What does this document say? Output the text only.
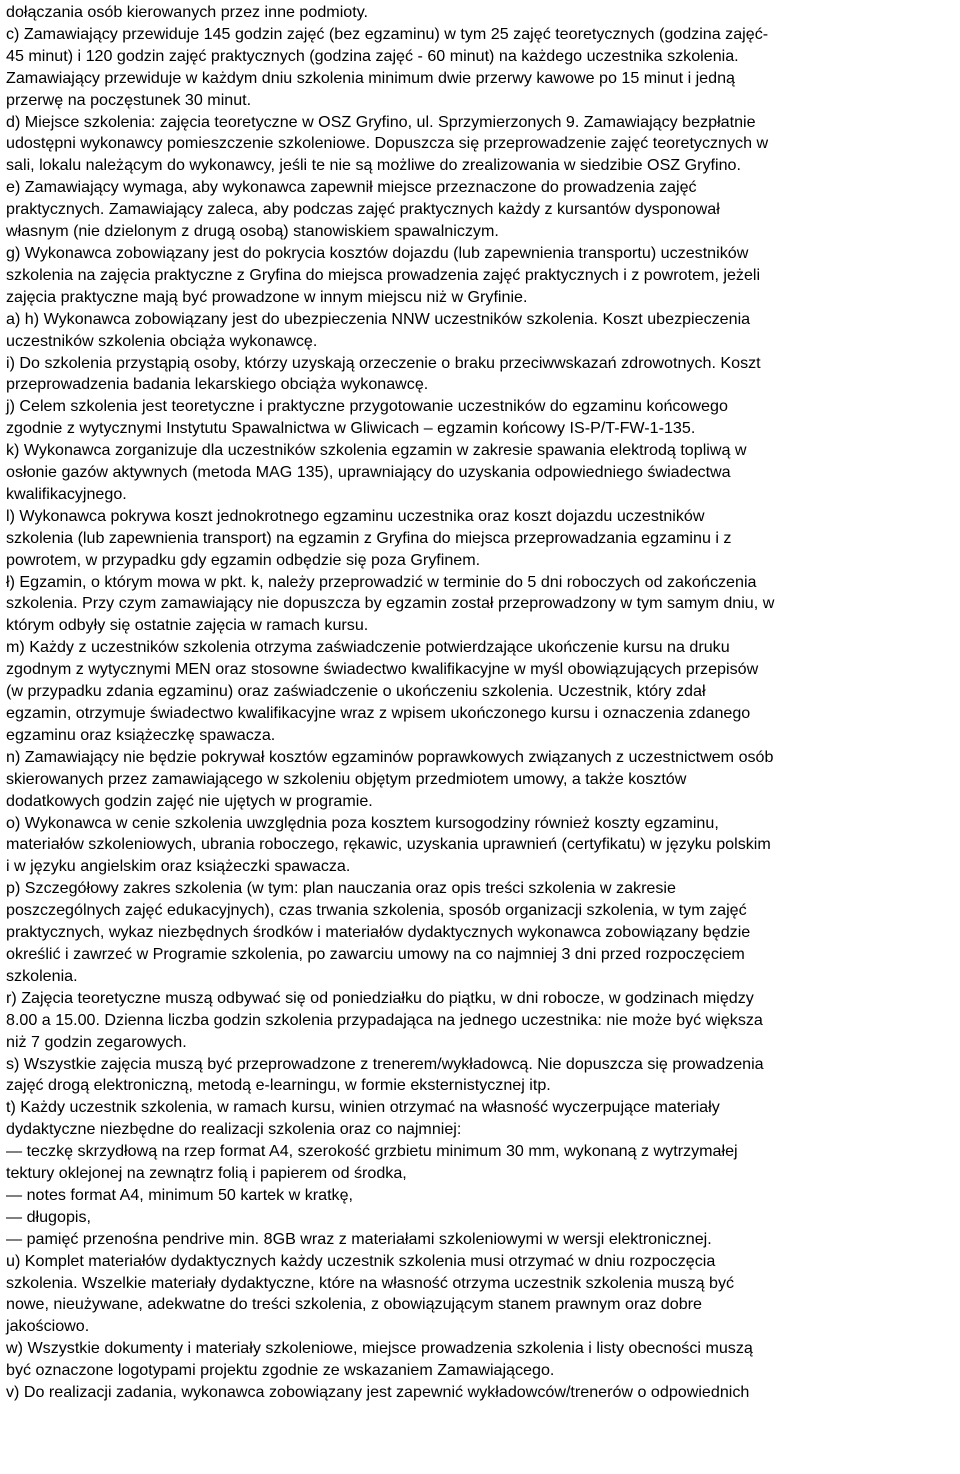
dołączania osób kierowanych przez inne podmioty.

c) Zamawiający przewiduje 145 godzin zajęć (bez egzaminu) w tym 25 zajęć teoretycznych (godzina zajęć-
45 minut) i 120 godzin zajęć praktycznych (godzina zajęć - 60 minut) na każdego uczestnika szkolenia.
Zamawiający przewiduje w każdym dniu szkolenia minimum dwie przerwy kawowe po 15 minut i jedną
przerwę na poczęstunek 30 minut.

d) Miejsce szkolenia: zajęcia teoretyczne w OSZ Gryfino, ul. Sprzymierzonych 9. Zamawiający bezpłatnie
udostępni wykonawcy pomieszczenie szkoleniowe. Dopuszcza się przeprowadzenie zajęć teoretycznych w
sali, lokalu należącym do wykonawcy, jeśli te nie są możliwe do zrealizowania w siedzibie OSZ Gryfino.

e) Zamawiający wymaga, aby wykonawca zapewnił miejsce przeznaczone do prowadzenia zajęć
praktycznych. Zamawiający zaleca, aby podczas zajęć praktycznych każdy z kursantów dysponował
własnym (nie dzielonym z drugą osobą) stanowiskiem spawalniczym.

g) Wykonawca zobowiązany jest do pokrycia kosztów dojazdu (lub zapewnienia transportu) uczestników
szkolenia na zajęcia praktyczne z Gryfina do miejsca prowadzenia zajęć praktycznych i z powrotem, jeżeli
zajęcia praktyczne mają być prowadzone w innym miejscu niż w Gryfinie.

a) h) Wykonawca zobowiązany jest do ubezpieczenia NNW uczestników szkolenia. Koszt ubezpieczenia
uczestników szkolenia obciąża wykonawcę.

i) Do szkolenia przystąpią osoby, którzy uzyskają orzeczenie o braku przeciwwskazań zdrowotnych. Koszt
przeprowadzenia badania lekarskiego obciąża wykonawcę.

j) Celem szkolenia jest teoretyczne i praktyczne przygotowanie uczestników do egzaminu końcowego
zgodnie z wytycznymi Instytutu Spawalnictwa w Gliwicach – egzamin końcowy IS-P/T-FW-1-135.

k) Wykonawca zorganizuje dla uczestników szkolenia egzamin w zakresie spawania elektrodą topliwą w
osłonie gazów aktywnych (metoda MAG 135), uprawniający do uzyskania odpowiedniego świadectwa
kwalifikacyjnego.

l) Wykonawca pokrywa koszt jednokrotnego egzaminu uczestnika oraz koszt dojazdu uczestników
szkolenia (lub zapewnienia transport) na egzamin z Gryfina do miejsca przeprowadzania egzaminu i z
powrotem, w przypadku gdy egzamin odbędzie się poza Gryfinem.

ł) Egzamin, o którym mowa w pkt. k, należy przeprowadzić w terminie do 5 dni roboczych od zakończenia
szkolenia. Przy czym zamawiający nie dopuszcza by egzamin został przeprowadzony w tym samym dniu, w
którym odbyły się ostatnie zajęcia w ramach kursu.

m) Każdy z uczestników szkolenia otrzyma zaświadczenie potwierdzające ukończenie kursu na druku
zgodnym z wytycznymi MEN oraz stosowne świadectwo kwalifikacyjne w myśl obowiązujących przepisów
(w przypadku zdania egzaminu) oraz zaświadczenie o ukończeniu szkolenia. Uczestnik, który zdał
egzamin, otrzymuje świadectwo kwalifikacyjne wraz z wpisem ukończonego kursu i oznaczenia zdanego
egzaminu oraz książeczkę spawacza.

n) Zamawiający nie będzie pokrywał kosztów egzaminów poprawkowych związanych z uczestnictwem osób
skierowanych przez zamawiającego w szkoleniu objętym przedmiotem umowy, a także kosztów
dodatkowych godzin zajęć nie ujętych w programie.

o) Wykonawca w cenie szkolenia uwzględnia poza kosztem kursogodziny również koszty egzaminu,
materiałów szkoleniowych, ubrania roboczego, rękawic, uzyskania uprawnień (certyfikatu) w języku polskim
i w języku angielskim oraz książeczki spawacza.

p) Szczegółowy zakres szkolenia (w tym: plan nauczania oraz opis treści szkolenia w zakresie
poszczególnych zajęć edukacyjnych), czas trwania szkolenia, sposób organizacji szkolenia, w tym zajęć
praktycznych, wykaz niezbędnych środków i materiałów dydaktycznych wykonawca zobowiązany będzie
określić i zawrzeć w Programie szkolenia, po zawarciu umowy na co najmniej 3 dni przed rozpoczęciem
szkolenia.

r) Zajęcia teoretyczne muszą odbywać się od poniedziałku do piątku, w dni robocze, w godzinach między
8.00 a 15.00. Dzienna liczba godzin szkolenia przypadająca na jednego uczestnika: nie może być większa
niż 7 godzin zegarowych.

s) Wszystkie zajęcia muszą być przeprowadzone z trenerem/wykładowcą. Nie dopuszcza się prowadzenia
zajęć drogą elektroniczną, metodą e-learningu, w formie eksternistycznej itp.

t) Każdy uczestnik szkolenia, w ramach kursu, winien otrzymać na własność wyczerpujące materiały
dydaktyczne niezbędne do realizacji szkolenia oraz co najmniej:

— teczkę skrzydłową na rzep format A4, szerokość grzbietu minimum 30 mm, wykonaną z wytrzymałej
tektury oklejonej na zewnątrz folią i papierem od środka,

— notes format A4, minimum 50 kartek w kratkę,

— długopis,

— pamięć przenośna pendrive min. 8GB wraz z materiałami szkoleniowymi w wersji elektronicznej.

u) Komplet materiałów dydaktycznych każdy uczestnik szkolenia musi otrzymać w dniu rozpoczęcia
szkolenia. Wszelkie materiały dydaktyczne, które na własność otrzyma uczestnik szkolenia muszą być
nowe, nieużywane, adekwatne do treści szkolenia, z obowiązującym stanem prawnym oraz dobre
jakościowo.

w) Wszystkie dokumenty i materiały szkoleniowe, miejsce prowadzenia szkolenia i listy obecności muszą
być oznaczone logotypami projektu zgodnie ze wskazaniem Zamawiającego.

v) Do realizacji zadania, wykonawca zobowiązany jest zapewnić wykładowców/trenerów o odpowiednich
